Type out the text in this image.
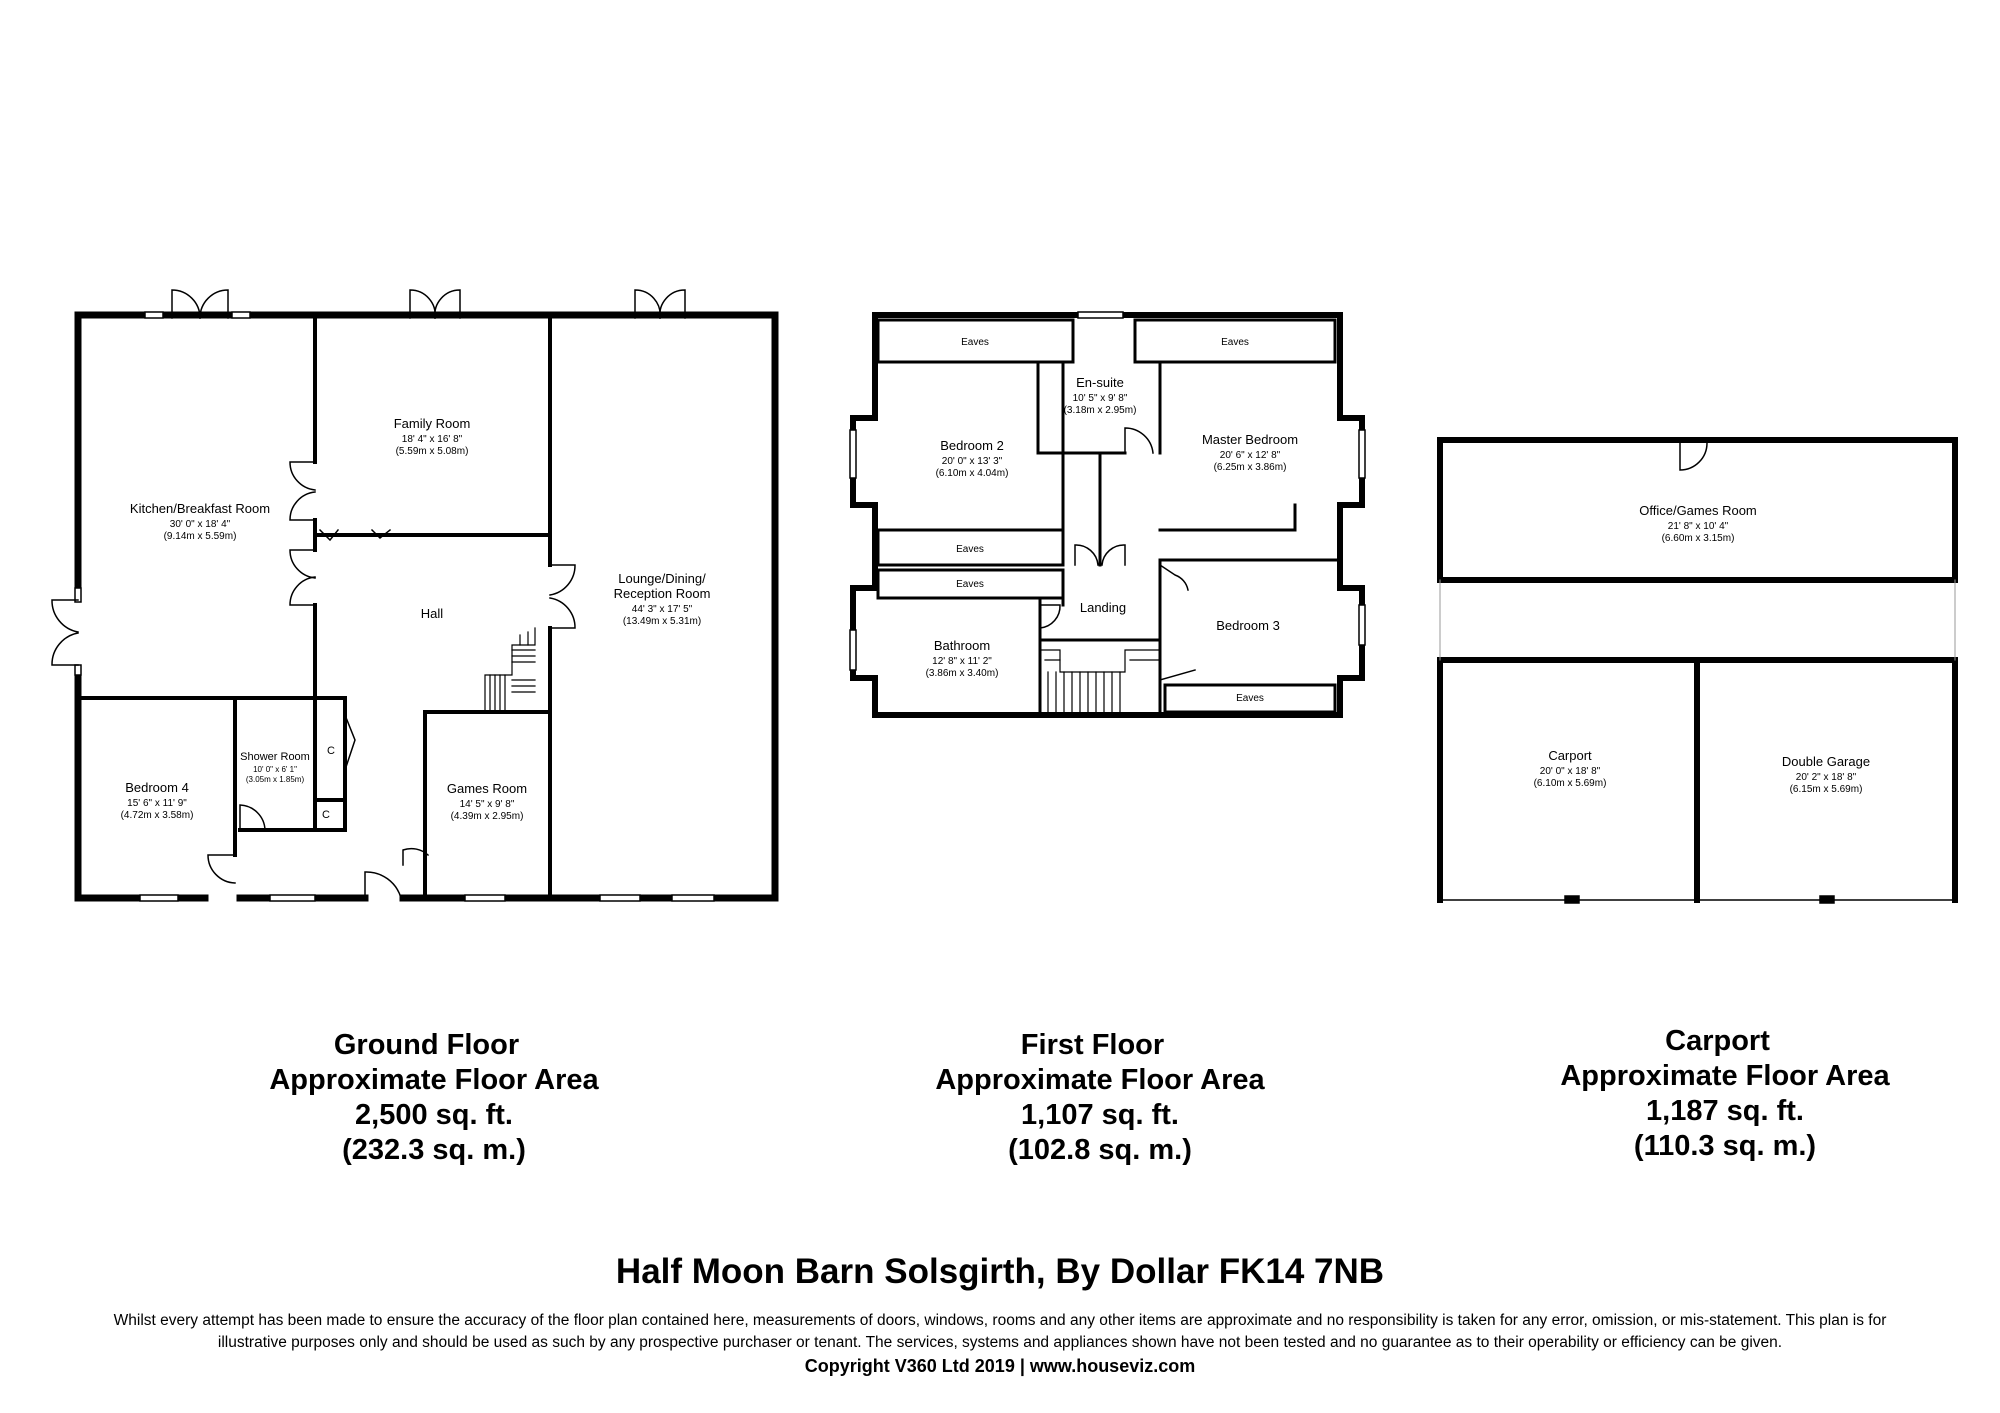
Kitchen/Breakfast Room
30' 0" x 18' 4"
(9.14m x 5.59m)
Family Room
18' 4" x 16' 8"
(5.59m x 5.08m)
Lounge/Dining/
Reception Room
44' 3" x 17' 5"
(13.49m x 5.31m)
Hall
Bedroom 4
15' 6" x 11' 9"
(4.72m x 3.58m)
Shower Room
10' 0" x 6' 1"
(3.05m x 1.85m)
C
C
Games Room
14' 5" x 9' 8"
(4.39m x 2.95m)
Eaves	Eaves
Eaves
Eaves
Eaves
Bedroom 2
20' 0" x 13' 3"
(6.10m x 4.04m)
En-suite
10' 5" x 9' 8"
(3.18m x 2.95m)
Master Bedroom
20' 6" x 12' 8"
(6.25m x 3.86m)
Bathroom
12' 8" x 11' 2"
(3.86m x 3.40m)
Landing
Bedroom 3
Office/Games Room
21' 8" x 10' 4"
(6.60m x 3.15m)
Carport
20' 0" x 18' 8"
(6.10m x 5.69m)
Double Garage
20' 2" x 18' 8"
(6.15m x 5.69m)
Ground Floor
Approximate Floor Area
2,500 sq. ft.
(232.3 sq. m.)
First Floor
Approximate Floor Area
1,107 sq. ft.
(102.8 sq. m.)
Carport
Approximate Floor Area
1,187 sq. ft.
(110.3 sq. m.)
Half Moon Barn Solsgirth, By Dollar FK14 7NB
Whilst every attempt has been made to ensure the accuracy of the floor plan contained here, measurements of doors, windows, rooms and any other items are approximate and no responsibility is taken for any error, omission, or mis-statement. This plan is for
illustrative purposes only and should be used as such by any prospective purchaser or tenant. The services, systems and appliances shown have not been tested and no guarantee as to their operability or efficiency can be given.
Copyright V360 Ltd 2019 | www.houseviz.com
